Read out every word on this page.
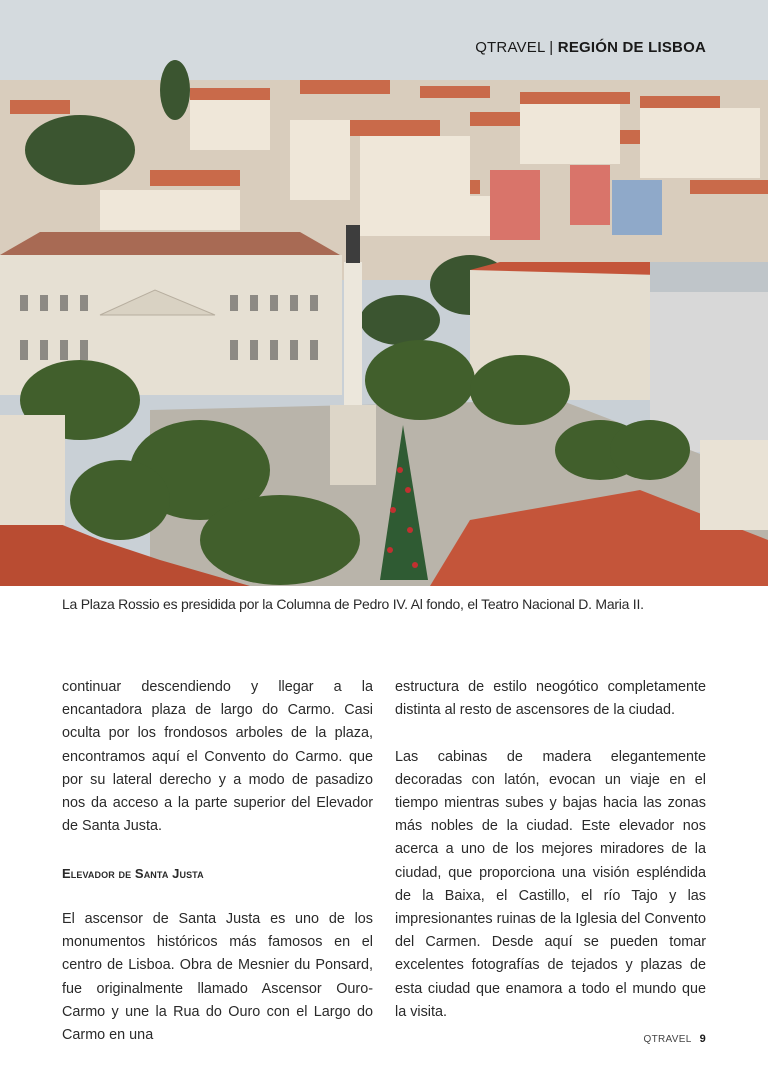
QTRAVEL | REGIÓN DE LISBOA
La Plaza Rossio es presidida por la Columna de Pedro IV. Al fondo, el Teatro Nacional D. Maria II.

continuar descendiendo y llegar a la encantadora plaza de largo do Carmo. Casi oculta por los frondosos arboles de la plaza, encontramos aquí el Convento do Carmo. que por su lateral derecho y a modo de pasadizo nos da acceso a la parte superior del Elevador de Santa Justa.

Elevador de Santa Justa

El ascensor de Santa Justa es uno de los monumentos históricos más famosos en el centro de Lisboa. Obra de Mesnier du Ponsard, fue originalmente llamado Ascensor Ouro-Carmo y une la Rua do Ouro con el Largo do Carmo en una

estructura de estilo neogótico completamente distinta al resto de ascensores de la ciudad.

Las cabinas de madera elegantemente decoradas con latón, evocan un viaje en el tiempo mientras subes y bajas hacia las zonas más nobles de la ciudad. Este elevador nos acerca a uno de los mejores miradores de la ciudad, que proporciona una visión espléndida de la Baixa, el Castillo, el río Tajo y las impresionantes ruinas de la Iglesia del Convento del Carmen. Desde aquí se pueden tomar excelentes fotografías de tejados y plazas de esta ciudad que enamora a todo el mundo que la visita.

QTRAVEL 9
